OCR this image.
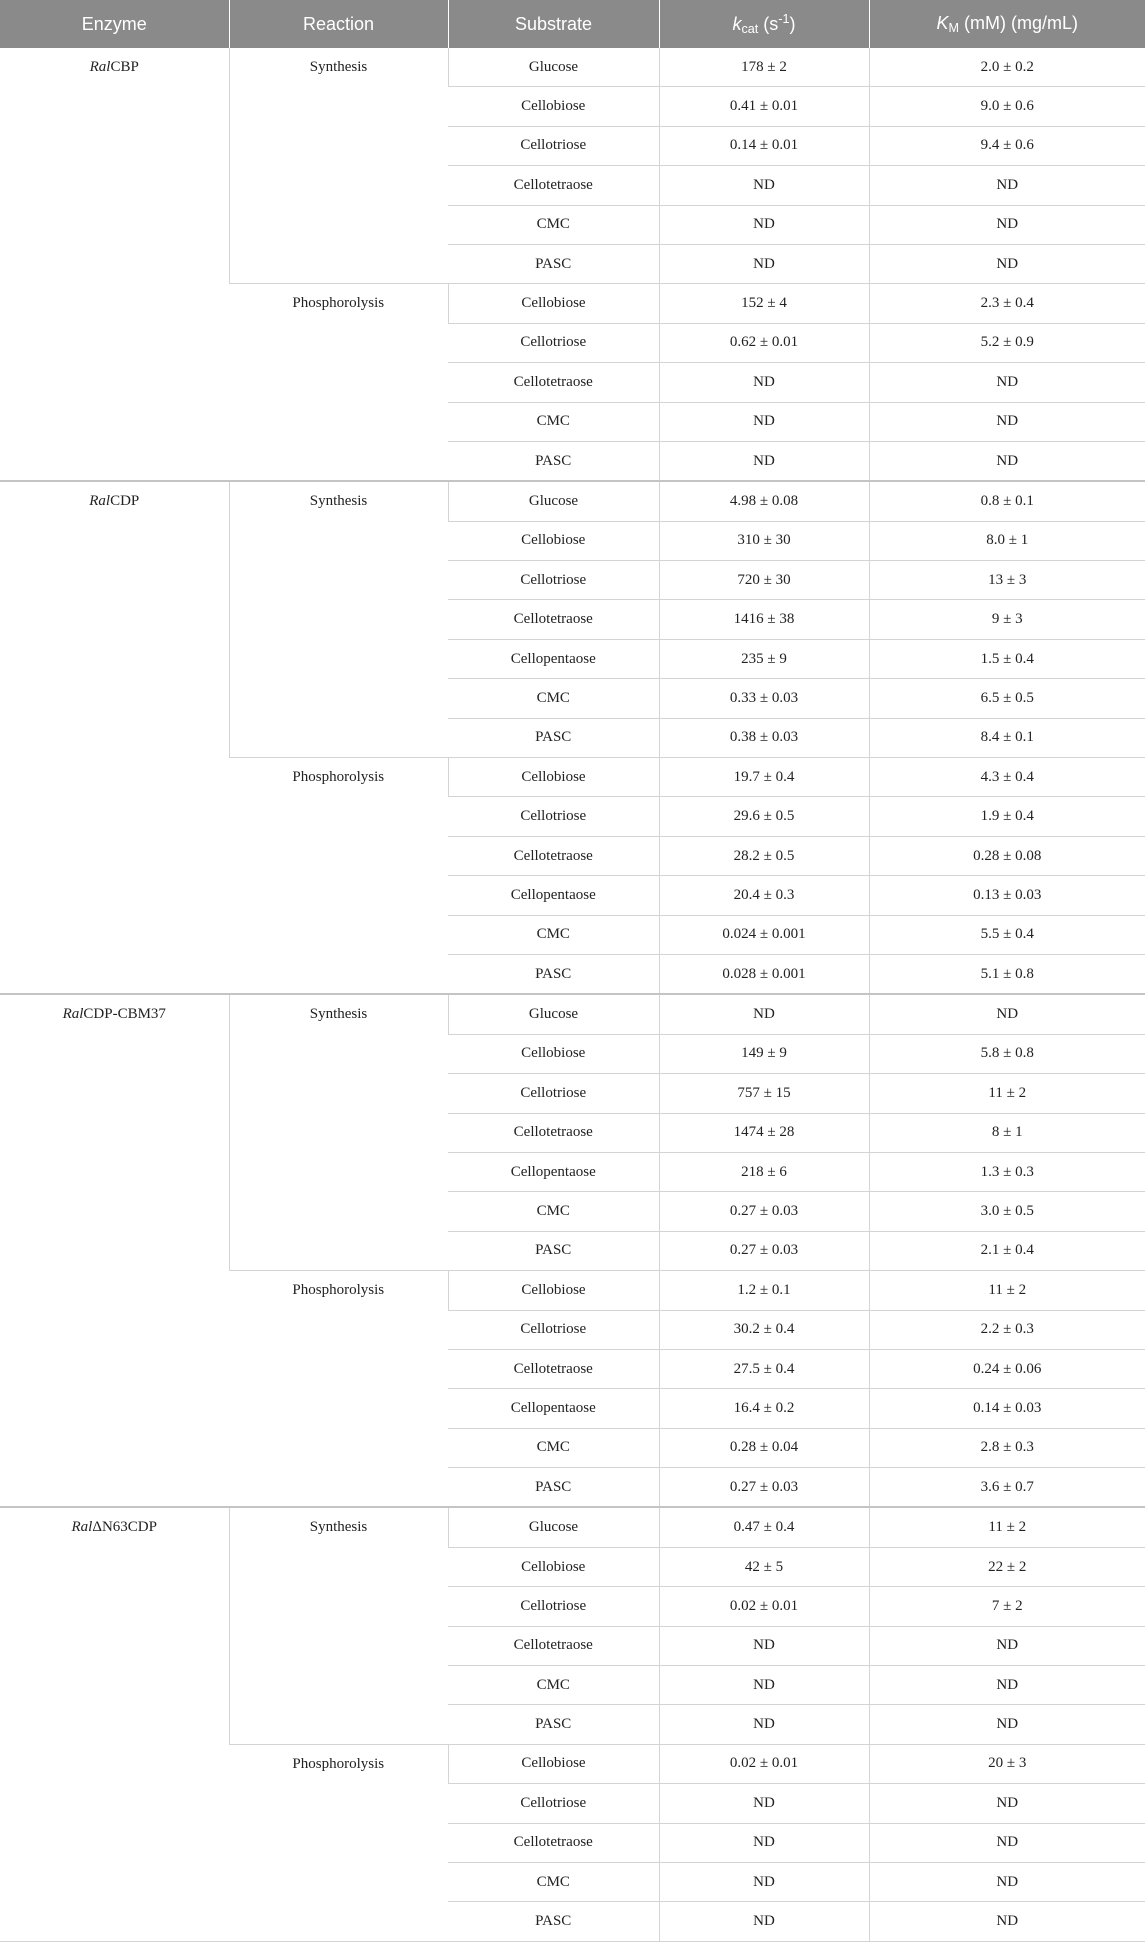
Enzyme	Reaction	Substrate	$k_{cat}$ $(s^{-1})$	$K_M$ (mM) (mg/mL)
RalCBP	Synthesis	Glucose	178 ± 2	2.0 ± 0.2
		Cellobiose	0.41 ± 0.01	9.0 ± 0.6
		Cellotriose	0.14 ± 0.01	9.4 ± 0.6
		Cellotetraose	ND	ND
		CMC	ND	ND
		PASC	ND	ND
	Phosphorolysis	Cellobiose	152 ± 4	2.3 ± 0.4
		Cellotriose	0.62 ± 0.01	5.2 ± 0.9
		Cellotetraose	ND	ND
		CMC	ND	ND
		PASC	ND	ND
RalCDP	Synthesis	Glucose	4.98 ± 0.08	0.8 ± 0.1
		Cellobiose	310 ± 30	8.0 ± 1
		Cellotriose	720 ± 30	13 ± 3
		Cellotetraose	1416 ± 38	9 ± 3
		Cellopentaose	235 ± 9	1.5 ± 0.4
		CMC	0.33 ± 0.03	6.5 ± 0.5
		PASC	0.38 ± 0.03	8.4 ± 0.1
	Phosphorolysis	Cellobiose	19.7 ± 0.4	4.3 ± 0.4
		Cellotriose	29.6 ± 0.5	1.9 ± 0.4
		Cellotetraose	28.2 ± 0.5	0.28 ± 0.08
		Cellopentaose	20.4 ± 0.3	0.13 ± 0.03
		CMC	0.024 ± 0.001	5.5 ± 0.4
		PASC	0.028 ± 0.001	5.1 ± 0.8
RalCDP-CBM37	Synthesis	Glucose	ND	ND
		Cellobiose	149 ± 9	5.8 ± 0.8
		Cellotriose	757 ± 15	11 ± 2
		Cellotetraose	1474 ± 28	8 ± 1
		Cellopentaose	218 ± 6	1.3 ± 0.3
		CMC	0.27 ± 0.03	3.0 ± 0.5
		PASC	0.27 ± 0.03	2.1 ± 0.4
	Phosphorolysis	Cellobiose	1.2 ± 0.1	11 ± 2
		Cellotriose	30.2 ± 0.4	2.2 ± 0.3
		Cellotetraose	27.5 ± 0.4	0.24 ± 0.06
		Cellopentaose	16.4 ± 0.2	0.14 ± 0.03
		CMC	0.28 ± 0.04	2.8 ± 0.3
		PASC	0.27 ± 0.03	3.6 ± 0.7
RalΔN63CDP	Synthesis	Glucose	0.47 ± 0.4	11 ± 2
		Cellobiose	42 ± 5	22 ± 2
		Cellotriose	0.02 ± 0.01	7 ± 2
		Cellotetraose	ND	ND
		CMC	ND	ND
		PASC	ND	ND
	Phosphorolysis	Cellobiose	0.02 ± 0.01	20 ± 3
		Cellotriose	ND	ND
		Cellotetraose	ND	ND
		CMC	ND	ND
		PASC	ND	ND
